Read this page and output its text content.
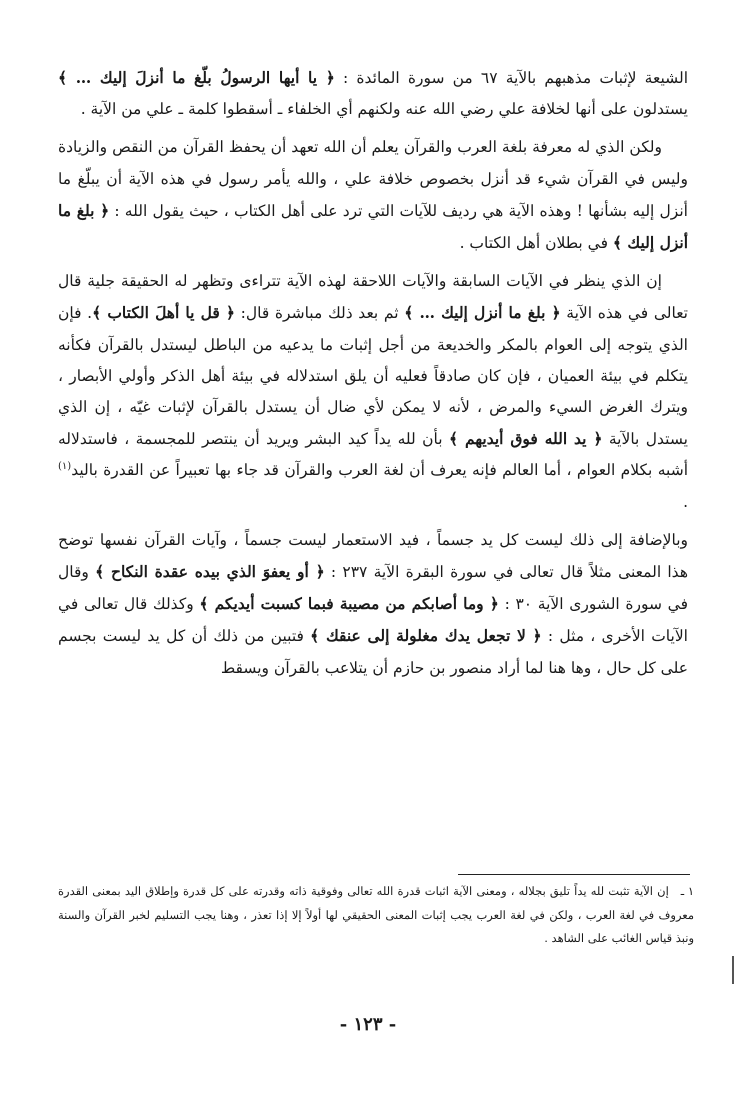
الشيعة لإثبات مذهبهم بالآية ٦٧ من سورة المائدة : ﴿ يا أيها الرسولُ بلّغ ما أنزلَ إليك … ﴾ يستدلون على أنها لخلافة علي رضي الله عنه ولكنهم أي الخلفاء ـ أسقطوا كلمة ـ علي من الآية .

ولكن الذي له معرفة بلغة العرب والقرآن يعلم أن الله تعهد أن يحفظ القرآن من النقص والزيادة وليس في القرآن شيء قد أنزل بخصوص خلافة علي ، والله يأمر رسول في هذه الآية أن يبلّغ ما أنزل إليه بشأنها ! وهذه الآية هي رديف للآيات التي ترد على أهل الكتاب ، حيث يقول الله : ﴿ بلغ ما أنزل إليك ﴾ في بطلان أهل الكتاب .

إن الذي ينظر في الآيات السابقة والآيات اللاحقة لهذه الآية تتراءى وتظهر له الحقيقة جلية قال تعالى في هذه الآية ﴿ بلغ ما أنزل إليك … ﴾ ثم بعد ذلك مباشرة قال: ﴿ قل يا أهلَ الكتاب ﴾. فإن الذي يتوجه إلى العوام بالمكر والخديعة من أجل إثبات ما يدعيه من الباطل ليستدل بالقرآن فكأنه يتكلم في بيئة العميان ، فإن كان صادقاً فعليه أن يلق استدلاله في بيئة أهل الذكر وأولي الأبصار ، ويترك الغرض السيء والمرض ، لأنه لا يمكن لأي ضال أن يستدل بالقرآن لإثبات غيّه ، إن الذي يستدل بالآية ﴿ يد الله فوق أيديهم ﴾ بأن لله يداً كيد البشر ويريد أن ينتصر للمجسمة ، فاستدلاله أشبه بكلام العوام ، أما العالم فإنه يعرف أن لغة العرب والقرآن قد جاء بها تعبيراً عن القدرة باليد$^{(١)}$ .

وبالإضافة إلى ذلك ليست كل يد جسماً ، فيد الاستعمار ليست جسماً ، وآيات القرآن نفسها توضح هذا المعنى مثلاً قال تعالى في سورة البقرة الآية ٢٣٧ : ﴿ أو يعفوَ الذي بيده عقدة النكاح ﴾ وقال في سورة الشورى الآية ٣٠ : ﴿ وما أصابكم من مصيبة فبما كسبت أيديكم ﴾ وكذلك قال تعالى في الآيات الأخرى ، مثل : ﴿ لا تجعل يدك مغلولة إلى عنقك ﴾ فتبين من ذلك أن كل يد ليست بجسم على كل حال ، وها هنا لما أراد منصور بن حازم أن يتلاعب بالقرآن ويسقط

١ ـإن الآية تثبت لله يداً تليق بجلاله ، ومعنى الآية اثبات قدرة الله تعالى وفوقية ذاته وقدرته على كل قدرة وإطلاق اليد بمعنى القدرة معروف في لغة العرب ، ولكن في لغة العرب يجب إثبات المعنى الحقيقي لها أولاً إلا إذا تعذر ، وهنا يجب التسليم لخبر القرآن والسنة ونبذ قياس الغائب على الشاهد .

- ١٢٣ -
